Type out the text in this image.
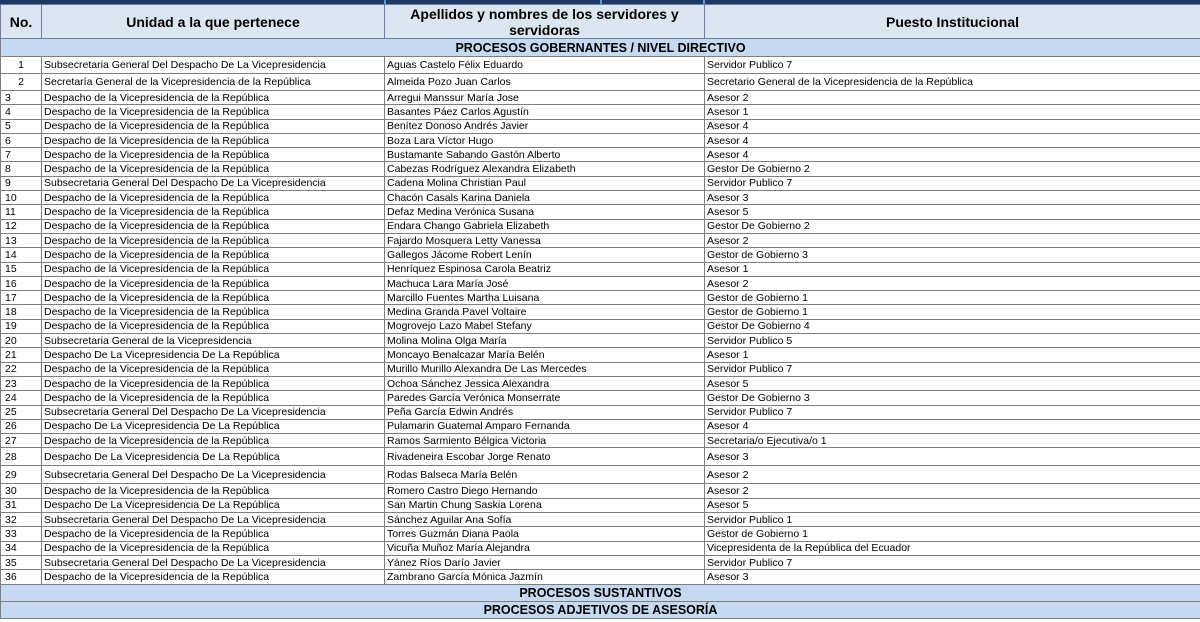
No.	Unidad a la que pertenece	Apellidos y nombres de los servidores y servidoras	Puesto Institucional
PROCESOS GOBERNANTES / NIVEL DIRECTIVO			
1	Subsecretaria General Del Despacho De La Vicepresidencia	Aguas Castelo Félix Eduardo	Servidor Publico 7
2	Secretaría General de la Vicepresidencia de la República	Almeida Pozo Juan Carlos	Secretario General de la Vicepresidencia de la República
3	Despacho de la Vicepresidencia de la República	Arregui Manssur María Jose	Asesor 2
4	Despacho de la Vicepresidencia de la República	Basantes Páez Carlos Agustín	Asesor 1
5	Despacho de la Vicepresidencia de la República	Benítez Donoso Andrés Javier	Asesor 4
6	Despacho de la Vicepresidencia de la República	Boza Lara Víctor Hugo	Asesor 4
7	Despacho de la Vicepresidencia de la República	Bustamante Sabando Gastón Alberto	Asesor 4
8	Despacho de la Vicepresidencia de la República	Cabezas Rodríguez Alexandra Elizabeth	Gestor De Gobierno 2
9	Subsecretaria General Del Despacho De La Vicepresidencia	Cadena Molina Christian Paul	Servidor Publico 7
10	Despacho de la Vicepresidencia de la República	Chacón Casals Karina Daniela	Asesor 3
11	Despacho de la Vicepresidencia de la República	Defaz Medina Verónica Susana	Asesor 5
12	Despacho de la Vicepresidencia de la República	Endara Chango Gabriela Elizabeth	Gestor De Gobierno 2
13	Despacho de la Vicepresidencia de la República	Fajardo Mosquera Letty Vanessa	Asesor 2
14	Despacho de la Vicepresidencia de la República	Gallegos Jácome Robert Lenín	Gestor de Gobierno 3
15	Despacho de la Vicepresidencia de la República	Henríquez Espinosa Carola Beatriz	Asesor 1
16	Despacho de la Vicepresidencia de la República	Machuca Lara María José	Asesor 2
17	Despacho de la Vicepresidencia de la República	Marcillo Fuentes Martha Luisana	Gestor de Gobierno 1
18	Despacho de la Vicepresidencia de la República	Medina Granda Pavel Voltaire	Gestor de Gobierno 1
19	Despacho de la Vicepresidencia de la República	Mogrovejo Lazo Mabel Stefany	Gestor De Gobierno 4
20	Subsecretaria General de la Vicepresidencia	Molina Molina Olga María	Servidor Publico 5
21	Despacho De La Vicepresidencia De La República	Moncayo Benalcazar María Belén	Asesor 1
22	Despacho de la Vicepresidencia de la República	Murillo Murillo Alexandra De Las Mercedes	Servidor Publico 7
23	Despacho de la Vicepresidencia de la República	Ochoa Sánchez Jessica Alexandra	Asesor 5
24	Despacho de la Vicepresidencia de la República	Paredes García Verónica Monserrate	Gestor De Gobierno 3
25	Subsecretaria General Del Despacho De La Vicepresidencia	Peña García Edwin Andrés	Servidor Publico 7
26	Despacho De La Vicepresidencia De La República	Pulamarin Guatemal Amparo Fernanda	Asesor 4
27	Despacho de la Vicepresidencia de la República	Ramos Sarmiento Bélgica Victoria	Secretaria/o Ejecutiva/o 1
28	Despacho De La Vicepresidencia De La República	Rivadeneira Escobar Jorge Renato	Asesor 3
29	Subsecretaria General Del Despacho De La Vicepresidencia	Rodas Balseca María Belén	Asesor 2
30	Despacho de la Vicepresidencia de la República	Romero Castro Diego Hernando	Asesor 2
31	Despacho De La Vicepresidencia De La República	San Martin Chung Saskia Lorena	Asesor 5
32	Subsecretaria General Del Despacho De La Vicepresidencia	Sánchez Aguilar Ana Sofía	Servidor Publico 1
33	Despacho de la Vicepresidencia de la República	Torres Guzmán Diana Paola	Gestor de Gobierno 1
34	Despacho de la Vicepresidencia de la República	Vicuña Muñoz María Alejandra	Vicepresidenta de la República del Ecuador
35	Subsecretaria General Del Despacho De La Vicepresidencia	Yánez Ríos Darío Javier	Servidor Publico 7
36	Despacho de la Vicepresidencia de la República	Zambrano García Mónica Jazmín	Asesor 3
PROCESOS SUSTANTIVOS			
PROCESOS ADJETIVOS DE ASESORÍA			
